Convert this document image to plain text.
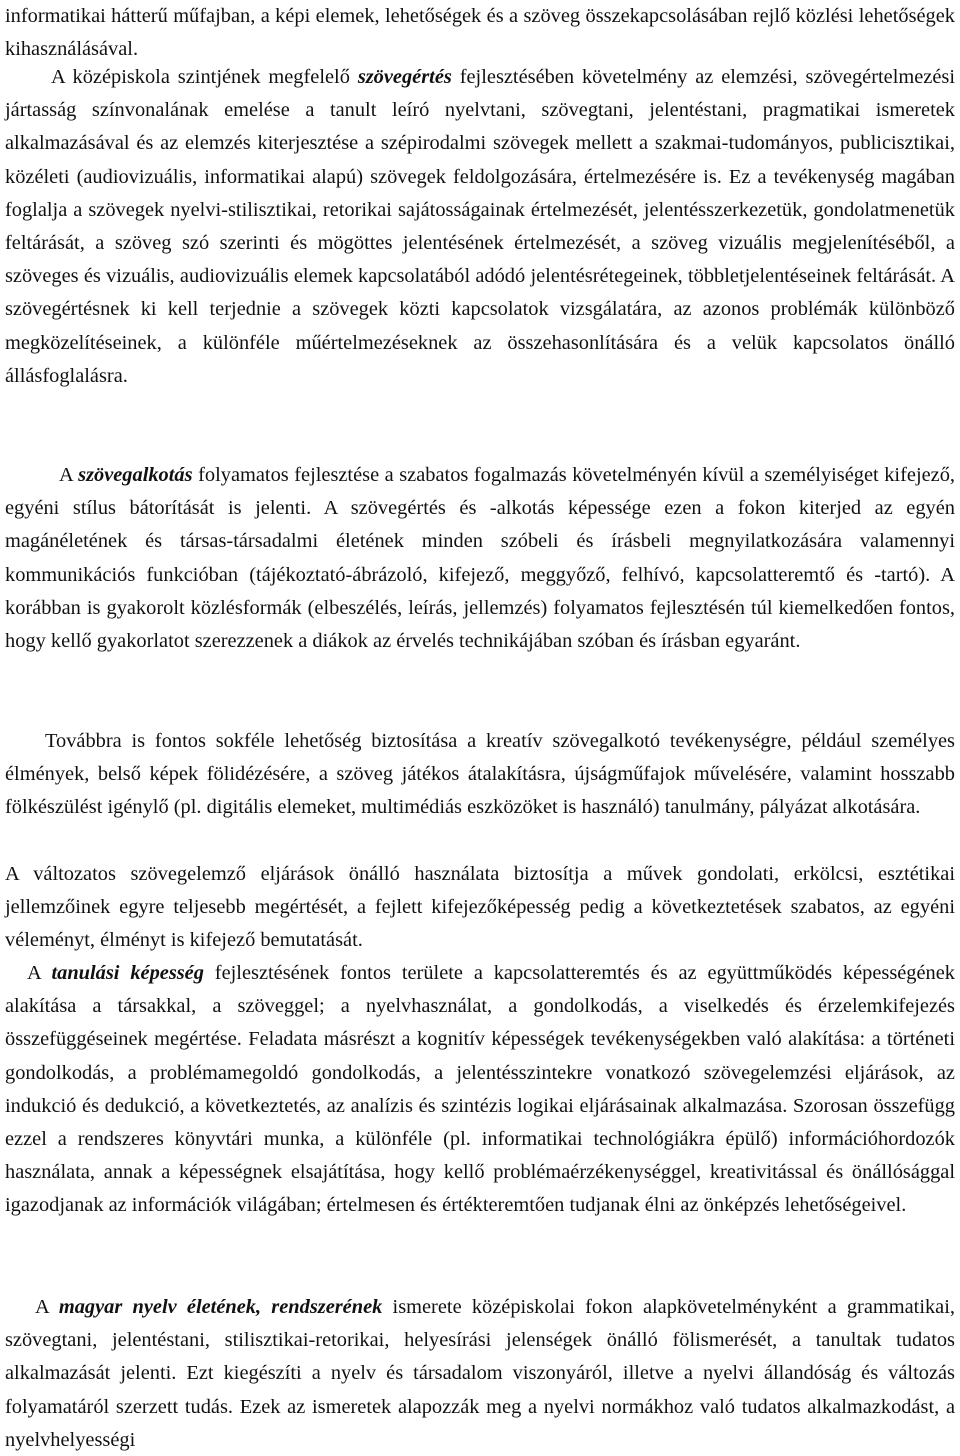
informatikai hátterű műfajban, a képi elemek, lehetőségek és a szöveg összekapcsolásában rejlő közlési lehetőségek kihasználásával.

A középiskola szintjének megfelelő szövegértés fejlesztésében követelmény az elemzési, szövegértelmezési jártasság színvonalának emelése a tanult leíró nyelvtani, szövegtani, jelentéstani, pragmatikai ismeretek alkalmazásával és az elemzés kiterjesztése a szépirodalmi szövegek mellett a szakmai-tudományos, publicisztikai, közéleti (audiovizuális, informatikai alapú) szövegek feldolgozására, értelmezésére is. Ez a tevékenység magában foglalja a szövegek nyelvi-stilisztikai, retorikai sajátosságainak értelmezését, jelentésszerkezetük, gondolatmenetük feltárását, a szöveg szó szerinti és mögöttes jelentésének értelmezését, a szöveg vizuális megjelenítéséből, a szöveges és vizuális, audiovizuális elemek kapcsolatából adódó jelentésrétegeinek, többletjelentéseinek feltárását. A szövegértésnek ki kell terjednie a szövegek közti kapcsolatok vizsgálatára, az azonos problémák különböző megközelítéseinek, a különféle műértelmezéseknek az összehasonlítására és a velük kapcsolatos önálló állásfoglalásra.

A szövegalkotás folyamatos fejlesztése a szabatos fogalmazás követelményén kívül a személyiséget kifejező, egyéni stílus bátorítását is jelenti. A szövegértés és -alkotás képessége ezen a fokon kiterjed az egyén magánéletének és társas-társadalmi életének minden szóbeli és írásbeli megnyilatkozására valamennyi kommunikációs funkcióban (tájékoztató-ábrázoló, kifejező, meggyőző, felhívó, kapcsolatteremtő és -tartó). A korábban is gyakorolt közlésformák (elbeszélés, leírás, jellemzés) folyamatos fejlesztésén túl kiemelkedően fontos, hogy kellő gyakorlatot szerezzenek a diákok az érvelés technikájában szóban és írásban egyaránt.

Továbbra is fontos sokféle lehetőség biztosítása a kreatív szövegalkotó tevékenységre, például személyes élmények, belső képek fölidézésére, a szöveg játékos átalakításra, újságműfajok művelésére, valamint hosszabb fölkészülést igénylő (pl. digitális elemeket, multimédiás eszközöket is használó) tanulmány, pályázat alkotására.

A változatos szövegelemző eljárások önálló használata biztosítja a művek gondolati, erkölcsi, esztétikai jellemzőinek egyre teljesebb megértését, a fejlett kifejezőképesség pedig a következtetések szabatos, az egyéni véleményt, élményt is kifejező bemutatását.

A tanulási képesség fejlesztésének fontos területe a kapcsolatteremtés és az együttműködés képességének alakítása a társakkal, a szöveggel; a nyelvhasználat, a gondolkodás, a viselkedés és érzelemkifejezés összefüggéseinek megértése. Feladata másrészt a kognitív képességek tevékenységekben való alakítása: a történeti gondolkodás, a problémamegoldó gondolkodás, a jelentésszintekre vonatkozó szövegelemzési eljárások, az indukció és dedukció, a következtetés, az analízis és szintézis logikai eljárásainak alkalmazása. Szorosan összefügg ezzel a rendszeres könyvtári munka, a különféle (pl. informatikai technológiákra épülő) információhordozók használata, annak a képességnek elsajátítása, hogy kellő problémaérzékenységgel, kreativitással és önállósággal igazodjanak az információk világában; értelmesen és értékteremtően tudjanak élni az önképzés lehetőségeivel.

A magyar nyelv életének, rendszerének ismerete középiskolai fokon alapkövetelményként a grammatikai, szövegtani, jelentéstani, stilisztikai-retorikai, helyesírási jelenségek önálló fölismerését, a tanultak tudatos alkalmazását jelenti. Ezt kiegészíti a nyelv és társadalom viszonyáról, illetve a nyelvi állandóság és változás folyamatáról szerzett tudás. Ezek az ismeretek alapozzák meg a nyelvi normákhoz való tudatos alkalmazkodást, a nyelvhelyességi
